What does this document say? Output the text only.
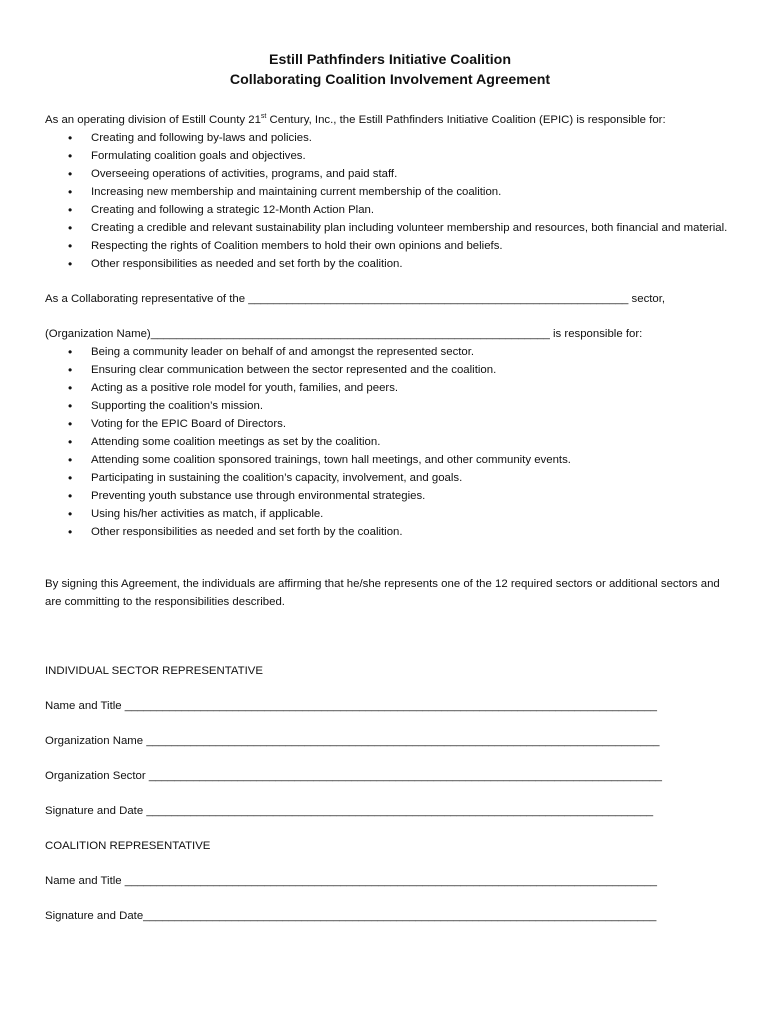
Estill Pathfinders Initiative Coalition
Collaborating Coalition Involvement Agreement

As an operating division of Estill County 21st Century, Inc., the Estill Pathfinders Initiative Coalition (EPIC) is responsible for:

• Creating and following by-laws and policies.
• Formulating coalition goals and objectives.
• Overseeing operations of activities, programs, and paid staff.
• Increasing new membership and maintaining current membership of the coalition.
• Creating and following a strategic 12-Month Action Plan.
• Creating a credible and relevant sustainability plan including volunteer membership and resources, both financial and material.
• Respecting the rights of Coalition members to hold their own opinions and beliefs.
• Other responsibilities as needed and set forth by the coalition.

As a Collaborating representative of the ____________________________________________________________ sector,

(Organization Name)_______________________________________________________________ is responsible for:

• Being a community leader on behalf of and amongst the represented sector.
• Ensuring clear communication between the sector represented and the coalition.
• Acting as a positive role model for youth, families, and peers.
• Supporting the coalition’s mission.
• Voting for the EPIC Board of Directors.
• Attending some coalition meetings as set by the coalition.
• Attending some coalition sponsored trainings, town hall meetings, and other community events.
• Participating in sustaining the coalition’s capacity, involvement, and goals.
• Preventing youth substance use through environmental strategies.
• Using his/her activities as match, if applicable.
• Other responsibilities as needed and set forth by the coalition.

By signing this Agreement, the individuals are affirming that he/she represents one of the 12 required sectors or additional sectors and are committing to the responsibilities described.

INDIVIDUAL SECTOR REPRESENTATIVE

Name and Title ____________________________________________________________________________________

Organization Name _________________________________________________________________________________

Organization Sector _________________________________________________________________________________

Signature and Date ________________________________________________________________________________

COALITION REPRESENTATIVE

Name and Title ____________________________________________________________________________________

Signature and Date_________________________________________________________________________________
